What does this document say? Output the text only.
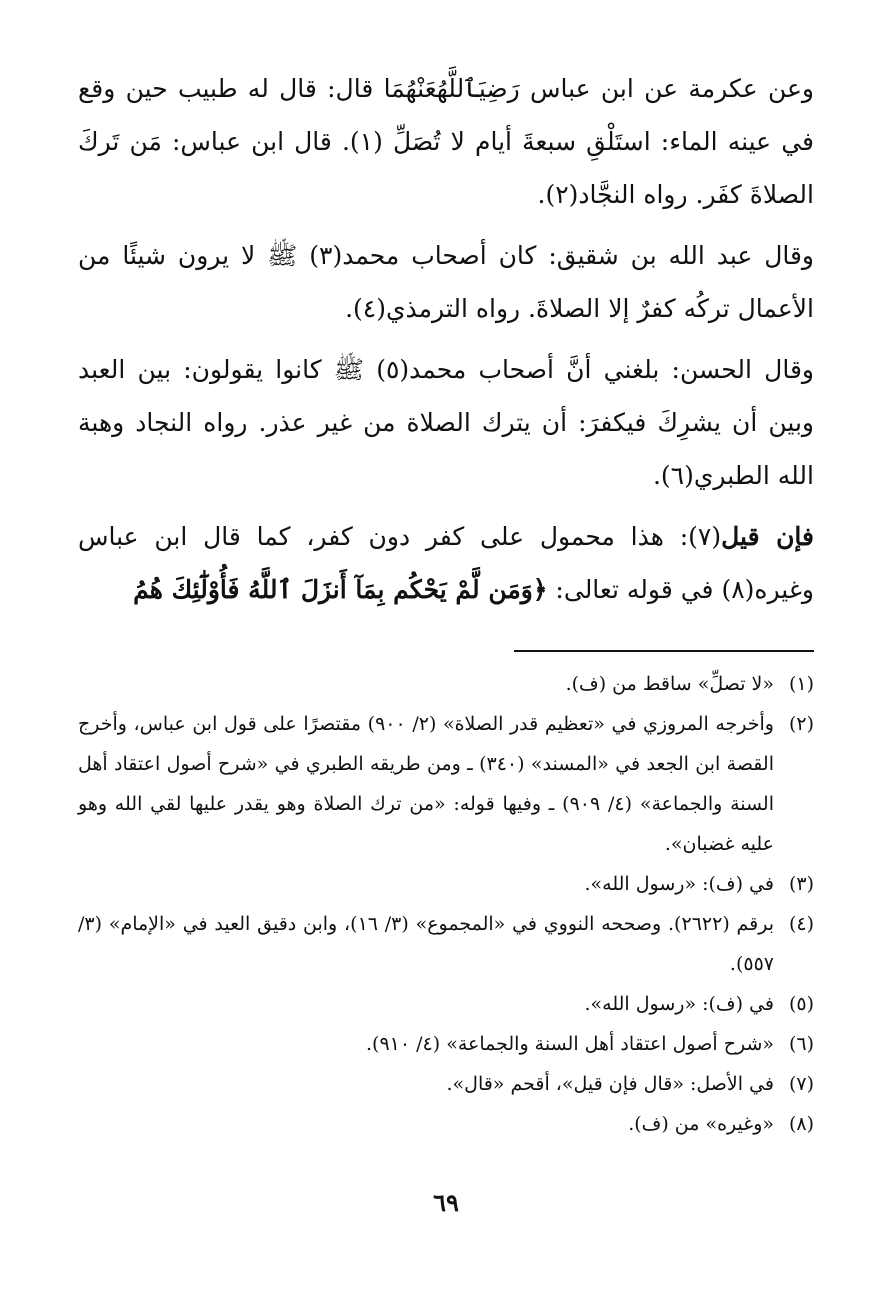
وعن عكرمة عن ابن عباس رَضِيَٱللَّهُعَنْهُمَا قال: قال له طبيب حين وقع في عينه الماء: استَلْقِ سبعةَ أيام لا تُصَلِّ (١). قال ابن عباس: مَن تَركَ الصلاةَ كفَر. رواه النجَّاد(٢).

وقال عبد الله بن شقيق: كان أصحاب محمد(٣) ﷺ لا يرون شيئًا من الأعمال تركُه كفرٌ إلا الصلاةَ. رواه الترمذي(٤).

وقال الحسن: بلغني أنَّ أصحاب محمد(٥) ﷺ كانوا يقولون: بين العبد وبين أن يشرِكَ فيكفرَ: أن يترك الصلاة من غير عذر. رواه النجاد وهبة الله الطبري(٦).

فإن قيل(٧): هذا محمول على كفر دون كفر، كما قال ابن عباس وغيره(٨) في قوله تعالى: ﴿وَمَن لَّمْ يَحْكُم بِمَآ أَنزَلَ ٱللَّهُ فَأُوْلَٰٓئِكَ هُمُ

(١)
«لا تصلِّ» ساقط من (ف).
(٢)
وأخرجه المروزي في «تعظيم قدر الصلاة» (٢/ ٩٠٠) مقتصرًا على قول ابن عباس، وأخرج القصة ابن الجعد في «المسند» (٣٤٠) ـ ومن طريقه الطبري في «شرح أصول اعتقاد أهل السنة والجماعة» (٤/ ٩٠٩) ـ وفيها قوله: «من ترك الصلاة وهو يقدر عليها لقي الله وهو عليه غضبان».
(٣)
في (ف): «رسول الله».
(٤)
برقم (٢٦٢٢). وصححه النووي في «المجموع» (٣/ ١٦)، وابن دقيق العيد في «الإمام» (٣/ ٥٥٧).
(٥)
في (ف): «رسول الله».
(٦)
«شرح أصول اعتقاد أهل السنة والجماعة» (٤/ ٩١٠).
(٧)
في الأصل: «قال فإن قيل»، أقحم «قال».
(٨)
«وغيره» من (ف).
٦٩
